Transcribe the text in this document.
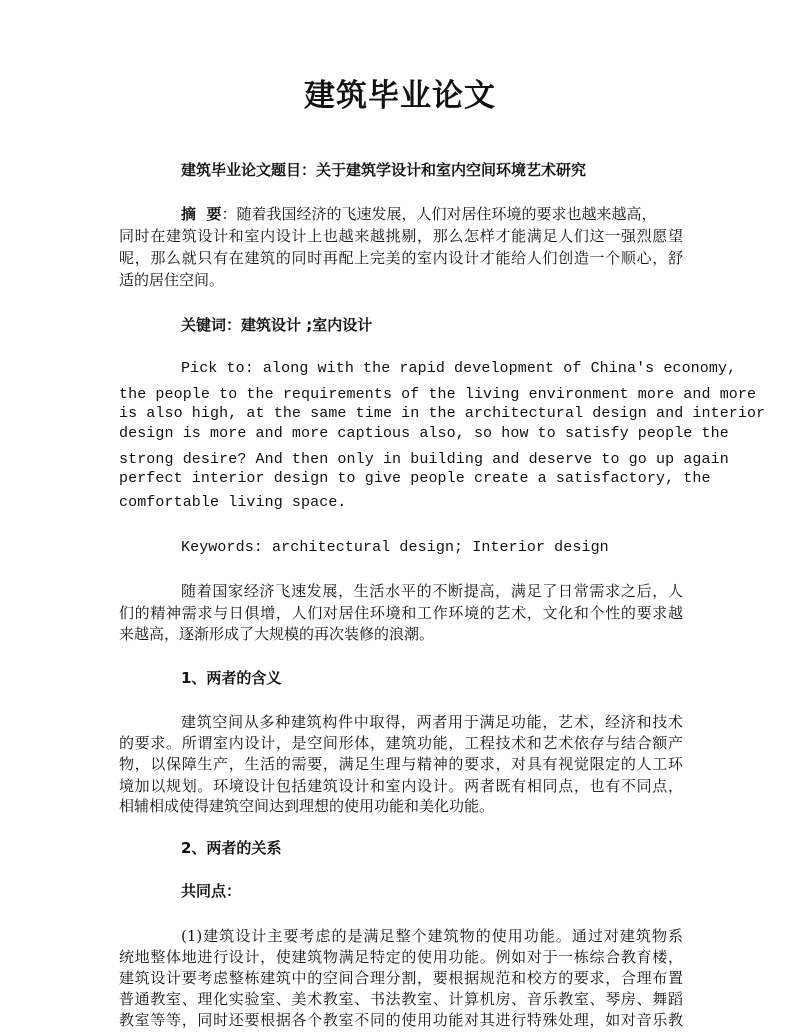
建筑毕业论文
建筑毕业论文题目：关于建筑学设计和室内空间环境艺术研究
摘  要：随着我国经济的飞速发展，人们对居住环境的要求也越来越高，
同时在建筑设计和室内设计上也越来越挑剔，那么怎样才能满足人们这一强烈愿望
呢，那么就只有在建筑的同时再配上完美的室内设计才能给人们创造一个顺心，舒
适的居住空间。
关键词：建筑设计 ;室内设计
Pick to: along with the rapid development of China's economy,
the people to the requirements of the living environment more and more
is also high, at the same time in the architectural design and interior
design is more and more captious also, so how to satisfy people the
strong desire? And then only in building and deserve to go up again
perfect interior design to give people create a satisfactory, the
comfortable living space.
Keywords: architectural design; Interior design
随着国家经济飞速发展，生活水平的不断提高，满足了日常需求之后，人
们的精神需求与日俱增，人们对居住环境和工作环境的艺术，文化和个性的要求越
来越高，逐渐形成了大规模的再次装修的浪潮。
1、两者的含义
建筑空间从多种建筑构件中取得，两者用于满足功能，艺术，经济和技术
的要求。所谓室内设计，是空间形体，建筑功能，工程技术和艺术依存与结合额产
物，以保障生产，生活的需要，满足生理与精神的要求，对具有视觉限定的人工环
境加以规划。环境设计包括建筑设计和室内设计。两者既有相同点，也有不同点，
相辅相成使得建筑空间达到理想的使用功能和美化功能。
2、两者的关系
共同点：
(1)建筑设计主要考虑的是满足整个建筑物的使用功能。通过对建筑物系
统地整体地进行设计，使建筑物满足特定的使用功能。例如对于一栋综合教育楼，
建筑设计要考虑整栋建筑中的空间合理分割，要根据规范和校方的要求，合理布置
普通教室、理化实验室、美术教室、书法教室、计算机房、音乐教室、琴房、舞蹈
教室等等，同时还要根据各个教室不同的使用功能对其进行特殊处理，如对音乐教
